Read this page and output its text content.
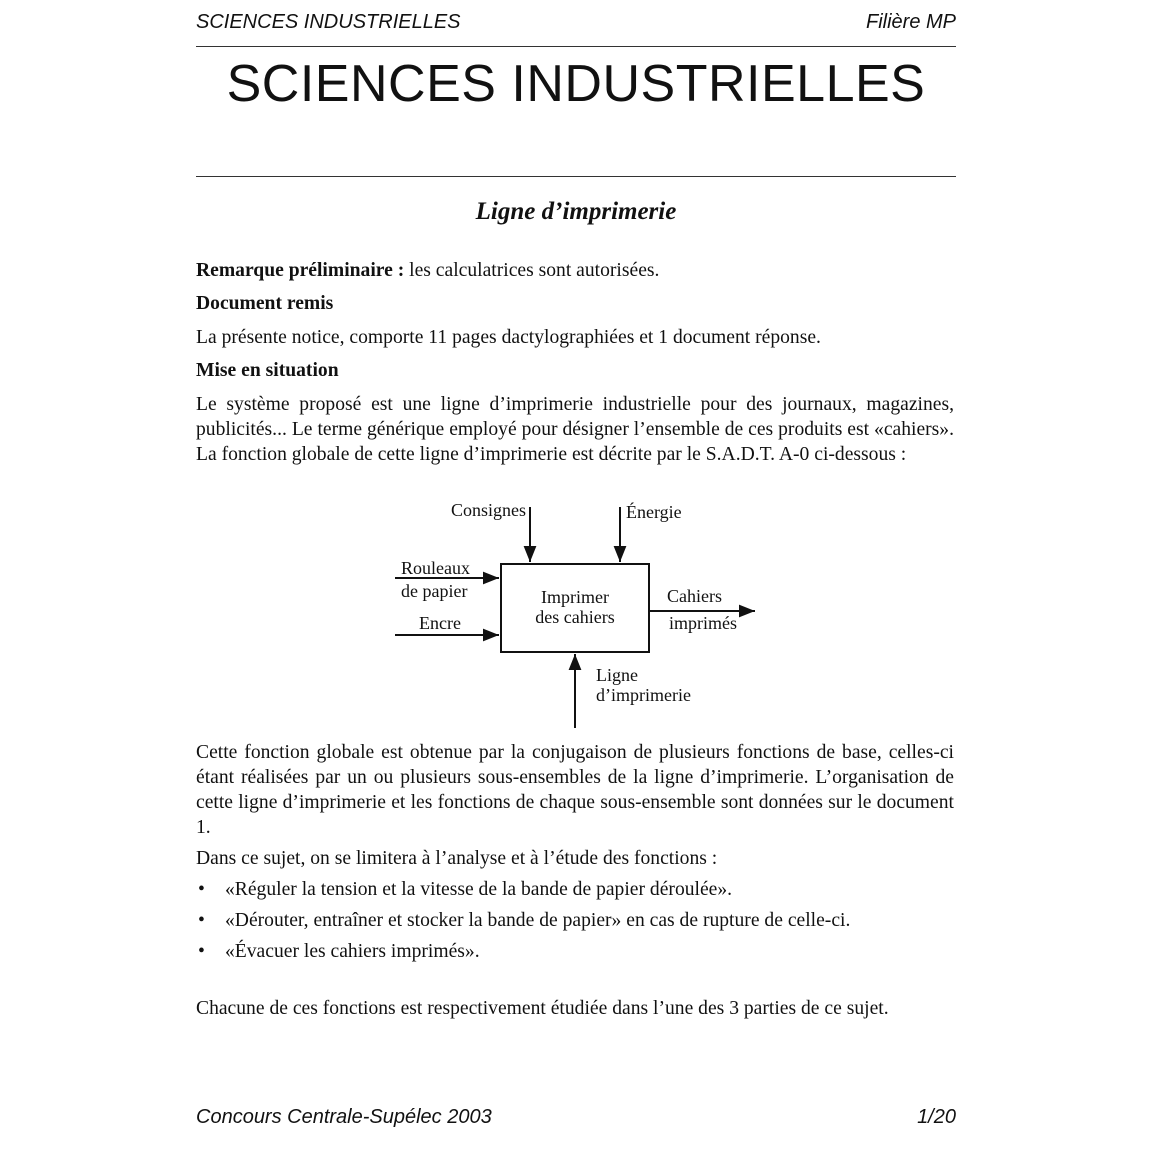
SCIENCES INDUSTRIELLES	Filière MP
SCIENCES INDUSTRIELLES
Ligne d’imprimerie

Remarque préliminaire : les calculatrices sont autorisées.

Document remis

La présente notice, comporte 11 pages dactylographiées et 1 document réponse.

Mise en situation

Le système proposé est une ligne d’imprimerie industrielle pour des journaux, magazines, publicités... Le terme générique employé pour désigner l’ensemble de ces produits est «cahiers». La fonction globale de cette ligne d’imprimerie est décrite par le S.A.D.T. A-0 ci-dessous :

Imprimer
des cahiers
Consignes	Énergie
Rouleaux
de papier
Encre
Cahiers
imprimés
Ligne
d’imprimerie

Cette fonction globale est obtenue par la conjugaison de plusieurs fonctions de base, celles-ci étant réalisées par un ou plusieurs sous-ensembles de la ligne d’imprimerie. L’organisation de cette ligne d’imprimerie et les fonctions de chaque sous-ensemble sont données sur le document 1.

Dans ce sujet, on se limitera à l’analyse et à l’étude des fonctions :

• «Réguler la tension et la vitesse de la bande de papier déroulée».
• «Dérouter, entraîner et stocker la bande de papier» en cas de rupture de celle-ci.
• «Évacuer les cahiers imprimés».

Chacune de ces fonctions est respectivement étudiée dans l’une des 3 parties de ce sujet.

Concours Centrale-Supélec 2003	1/20
